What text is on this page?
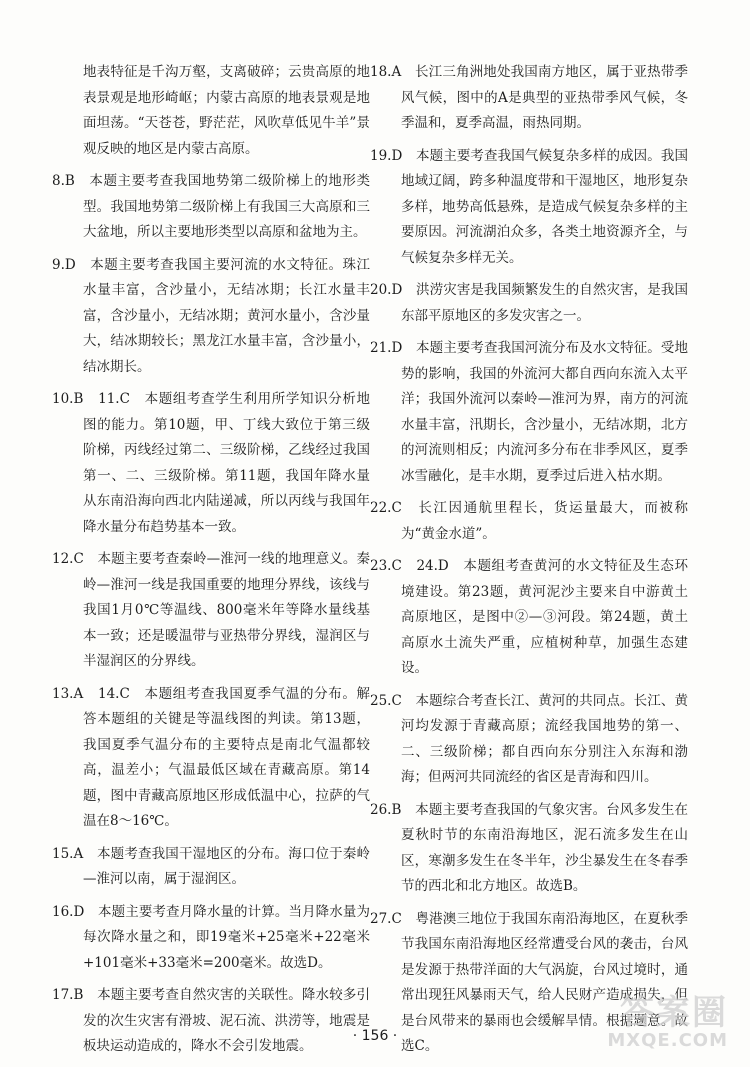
地表特征是千沟万壑，支离破碎；云贵高原的地表景观是地形崎岖；内蒙古高原的地表景观是地面坦荡。“天苍苍，野茫茫，风吹草低见牛羊”景观反映的地区是内蒙古高原。

8.B　本题主要考查我国地势第二级阶梯上的地形类型。我国地势第二级阶梯上有我国三大高原和三大盆地，所以主要地形类型以高原和盆地为主。

9.D　本题主要考查我国主要河流的水文特征。珠江水量丰富，含沙量小，无结冰期；长江水量丰富，含沙量小，无结冰期；黄河水量小，含沙量大，结冰期较长；黑龙江水量丰富，含沙量小，结冰期长。

10.B　11.C　本题组考查学生利用所学知识分析地图的能力。第10题，甲、丁线大致位于第三级阶梯，丙线经过第二、三级阶梯，乙线经过我国第一、二、三级阶梯。第11题，我国年降水量从东南沿海向西北内陆递减，所以丙线与我国年降水量分布趋势基本一致。

12.C　本题主要考查秦岭—淮河一线的地理意义。秦岭—淮河一线是我国重要的地理分界线，该线与我国1月0℃等温线、800毫米年等降水量线基本一致；还是暖温带与亚热带分界线，湿润区与半湿润区的分界线。

13.A　14.C　本题组考查我国夏季气温的分布。解答本题组的关键是等温线图的判读。第13题，我国夏季气温分布的主要特点是南北气温都较高，温差小；气温最低区域在青藏高原。第14题，图中青藏高原地区形成低温中心，拉萨的气温在8～16℃。

15.A　本题考查我国干湿地区的分布。海口位于秦岭—淮河以南，属于湿润区。

16.D　本题主要考查月降水量的计算。当月降水量为每次降水量之和，即19毫米+25毫米+22毫米+101毫米+33毫米=200毫米。故选D。

17.B　本题主要考查自然灾害的关联性。降水较多引发的次生灾害有滑坡、泥石流、洪涝等，地震是板块运动造成的，降水不会引发地震。

18.A　长江三角洲地处我国南方地区，属于亚热带季风气候，图中的A是典型的亚热带季风气候，冬季温和，夏季高温，雨热同期。

19.D　本题主要考查我国气候复杂多样的成因。我国地域辽阔，跨多种温度带和干湿地区，地形复杂多样，地势高低悬殊，是造成气候复杂多样的主要原因。河流湖泊众多，各类土地资源齐全，与气候复杂多样无关。

20.D　洪涝灾害是我国频繁发生的自然灾害，是我国东部平原地区的多发灾害之一。

21.D　本题主要考查我国河流分布及水文特征。受地势的影响，我国的外流河大都自西向东流入太平洋；我国外流河以秦岭—淮河为界，南方的河流水量丰富，汛期长，含沙量小，无结冰期，北方的河流则相反；内流河多分布在非季风区，夏季冰雪融化，是丰水期，夏季过后进入枯水期。

22.C　长江因通航里程长，货运量最大，而被称为“黄金水道”。

23.C　24.D　本题组考查黄河的水文特征及生态环境建设。第23题，黄河泥沙主要来自中游黄土高原地区，是图中②—③河段。第24题，黄土高原水土流失严重，应植树种草，加强生态建设。

25.C　本题综合考查长江、黄河的共同点。长江、黄河均发源于青藏高原；流经我国地势的第一、二、三级阶梯；都自西向东分别注入东海和渤海；但两河共同流经的省区是青海和四川。

26.B　本题主要考查我国的气象灾害。台风多发生在夏秋时节的东南沿海地区，泥石流多发生在山区，寒潮多发生在冬半年，沙尘暴发生在冬春季节的西北和北方地区。故选B。

27.C　粤港澳三地位于我国东南沿海地区，在夏秋季节我国东南沿海地区经常遭受台风的袭击，台风是发源于热带洋面的大气涡旋，台风过境时，通常出现狂风暴雨天气，给人民财产造成损失，但是台风带来的暴雨也会缓解旱情。根据题意。故选C。

· 156 ·
答案圈
MXQE.COM
